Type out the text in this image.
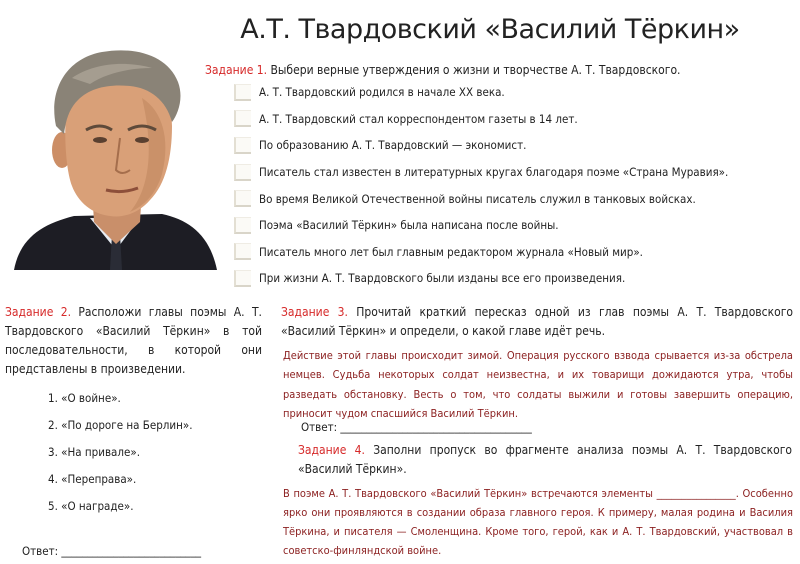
А.Т. Твардовский «Василий Тёркин»
Задание 1. Выбери верные утверждения о жизни и творчестве А. Т. Твардовского.
А. Т. Твардовский родился в начале XX века.
А. Т. Твардовский стал корреспондентом газеты в 14 лет.
По образованию А. Т. Твардовский — экономист.
Писатель стал известен в литературных кругах благодаря поэме «Страна Муравия».
Во время Великой Отечественной войны писатель служил в танковых войсках.
Поэма «Василий Тёркин» была написана после войны.
Писатель много лет был главным редактором журнала «Новый мир».
При жизни А. Т. Твардовского были изданы все его произведения.
Задание 2. Расположи главы поэмы А. Т. Твардовского «Василий Тёркин» в той последовательности, в которой они представлены в произведении.
1. «О войне».
2. «По дороге на Берлин».
3. «На привале».
4. «Переправа».
5. «О награде».
Ответ: ___________________________
Задание 3. Прочитай краткий пересказ одной из глав поэмы А. Т. Твардовского «Василий Тёркин» и определи, о какой главе идёт речь.
Действие этой главы происходит зимой. Операция русского взвода срывается из-за обстрела немцев. Судьба некоторых солдат неизвестна, и их товарищи дожидаются утра, чтобы разведать обстановку. Весть о том, что солдаты выжили и готовы завершить операцию, приносит чудом спасшийся Василий Тёркин.
Ответ: _____________________________________
Задание 4. Заполни пропуск во фрагменте анализа поэмы А. Т. Твардовского «Василий Тёркин».
В поэме А. Т. Твардовского «Василий Тёркин» встречаются элементы ________________. Особенно ярко они проявляются в создании образа главного героя. К примеру, малая родина и Василия Тёркина, и писателя — Смоленщина. Кроме того, герой, как и А. Т. Твардовский, участвовал в советско-финляндской войне.
